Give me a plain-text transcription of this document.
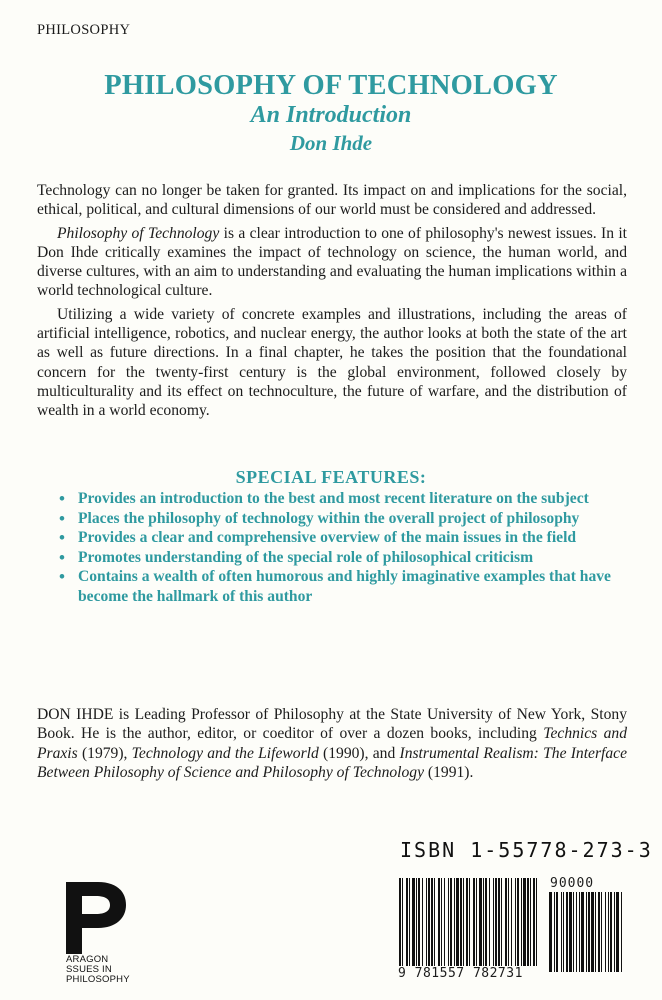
PHILOSOPHY
PHILOSOPHY OF TECHNOLOGY
An Introduction
Don Ihde

Technology can no longer be taken for granted. Its impact on and implications for the social, ethical, political, and cultural dimensions of our world must be considered and addressed.

Philosophy of Technology is a clear introduction to one of philosophy's newest issues. In it Don Ihde critically examines the impact of technology on science, the human world, and diverse cultures, with an aim to understanding and evaluating the human implications within a world technological culture.

Utilizing a wide variety of concrete examples and illustrations, including the areas of artificial intelligence, robotics, and nuclear energy, the author looks at both the state of the art as well as future directions. In a final chapter, he takes the position that the foundational concern for the twenty-first century is the global environment, followed closely by multiculturality and its effect on technoculture, the future of warfare, and the distribution of wealth in a world economy.

SPECIAL FEATURES:
• Provides an introduction to the best and most recent literature on the subject
• Places the philosophy of technology within the overall project of philosophy
• Provides a clear and comprehensive overview of the main issues in the field
• Promotes understanding of the special role of philosophical criticism
• Contains a wealth of often humorous and highly imaginative examples that have become the hallmark of this author
DON IHDE is Leading Professor of Philosophy at the State University of New York, Stony Book. He is the author, editor, or coeditor of over a dozen books, including Technics and Praxis (1979), Technology and the Lifeworld (1990), and Instrumental Realism: The Interface Between Philosophy of Science and Philosophy of Technology (1991).
ISBN 1-55778-273-3
90000
9 781557 782731
ARAGON
SSUES IN
PHILOSOPHY
